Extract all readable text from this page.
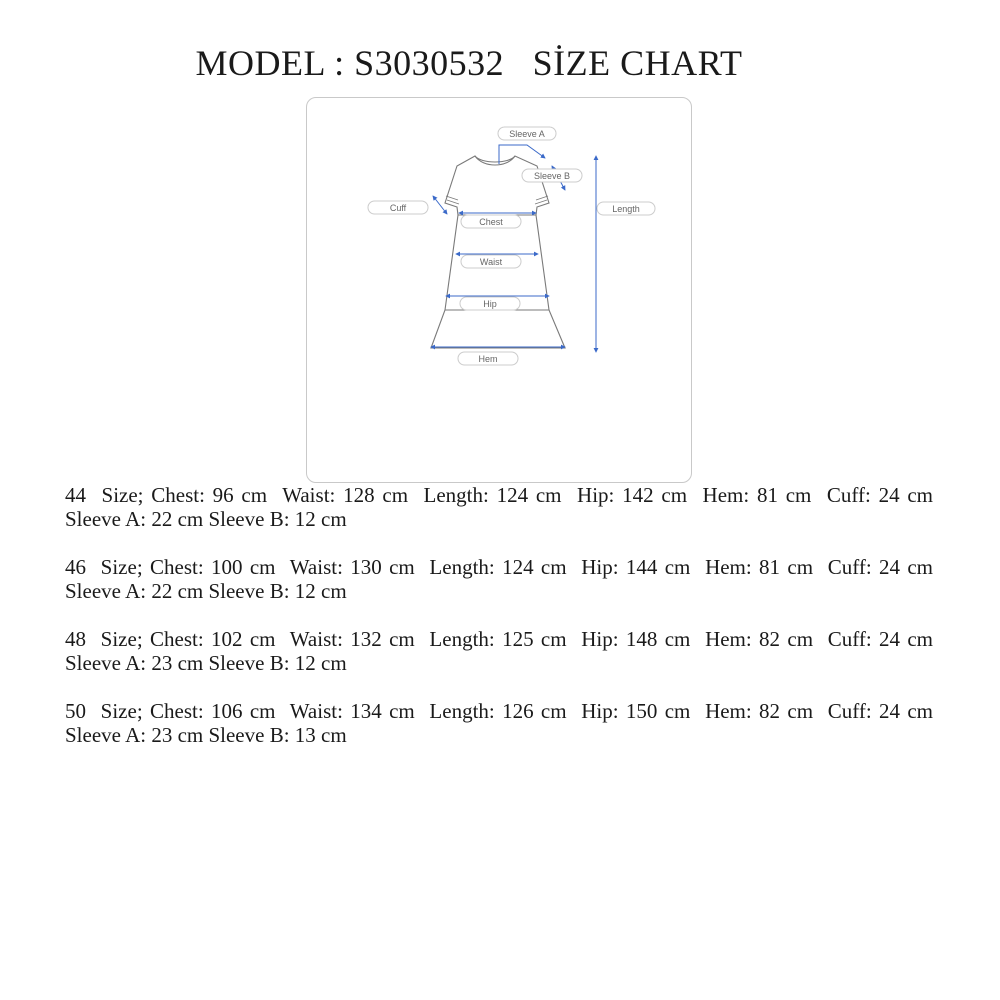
MODEL : S3030532   SİZE CHART
Sleeve A
Sleeve B
Cuff
Chest
Waist
Hip
Hem
Length
44  Size; Chest: 96 cm  Waist: 128 cm  Length: 124 cm  Hip: 142 cm  Hem: 81 cm  Cuff: 24 cm  Sleeve A: 22 cm Sleeve B: 12 cm
46  Size; Chest: 100 cm  Waist: 130 cm  Length: 124 cm  Hip: 144 cm  Hem: 81 cm  Cuff: 24 cm  Sleeve A: 22 cm Sleeve B: 12 cm
48  Size; Chest: 102 cm  Waist: 132 cm  Length: 125 cm  Hip: 148 cm  Hem: 82 cm  Cuff: 24 cm  Sleeve A: 23 cm Sleeve B: 12 cm
50  Size; Chest: 106 cm  Waist: 134 cm  Length: 126 cm  Hip: 150 cm  Hem: 82 cm  Cuff: 24 cm  Sleeve A: 23 cm Sleeve B: 13 cm
